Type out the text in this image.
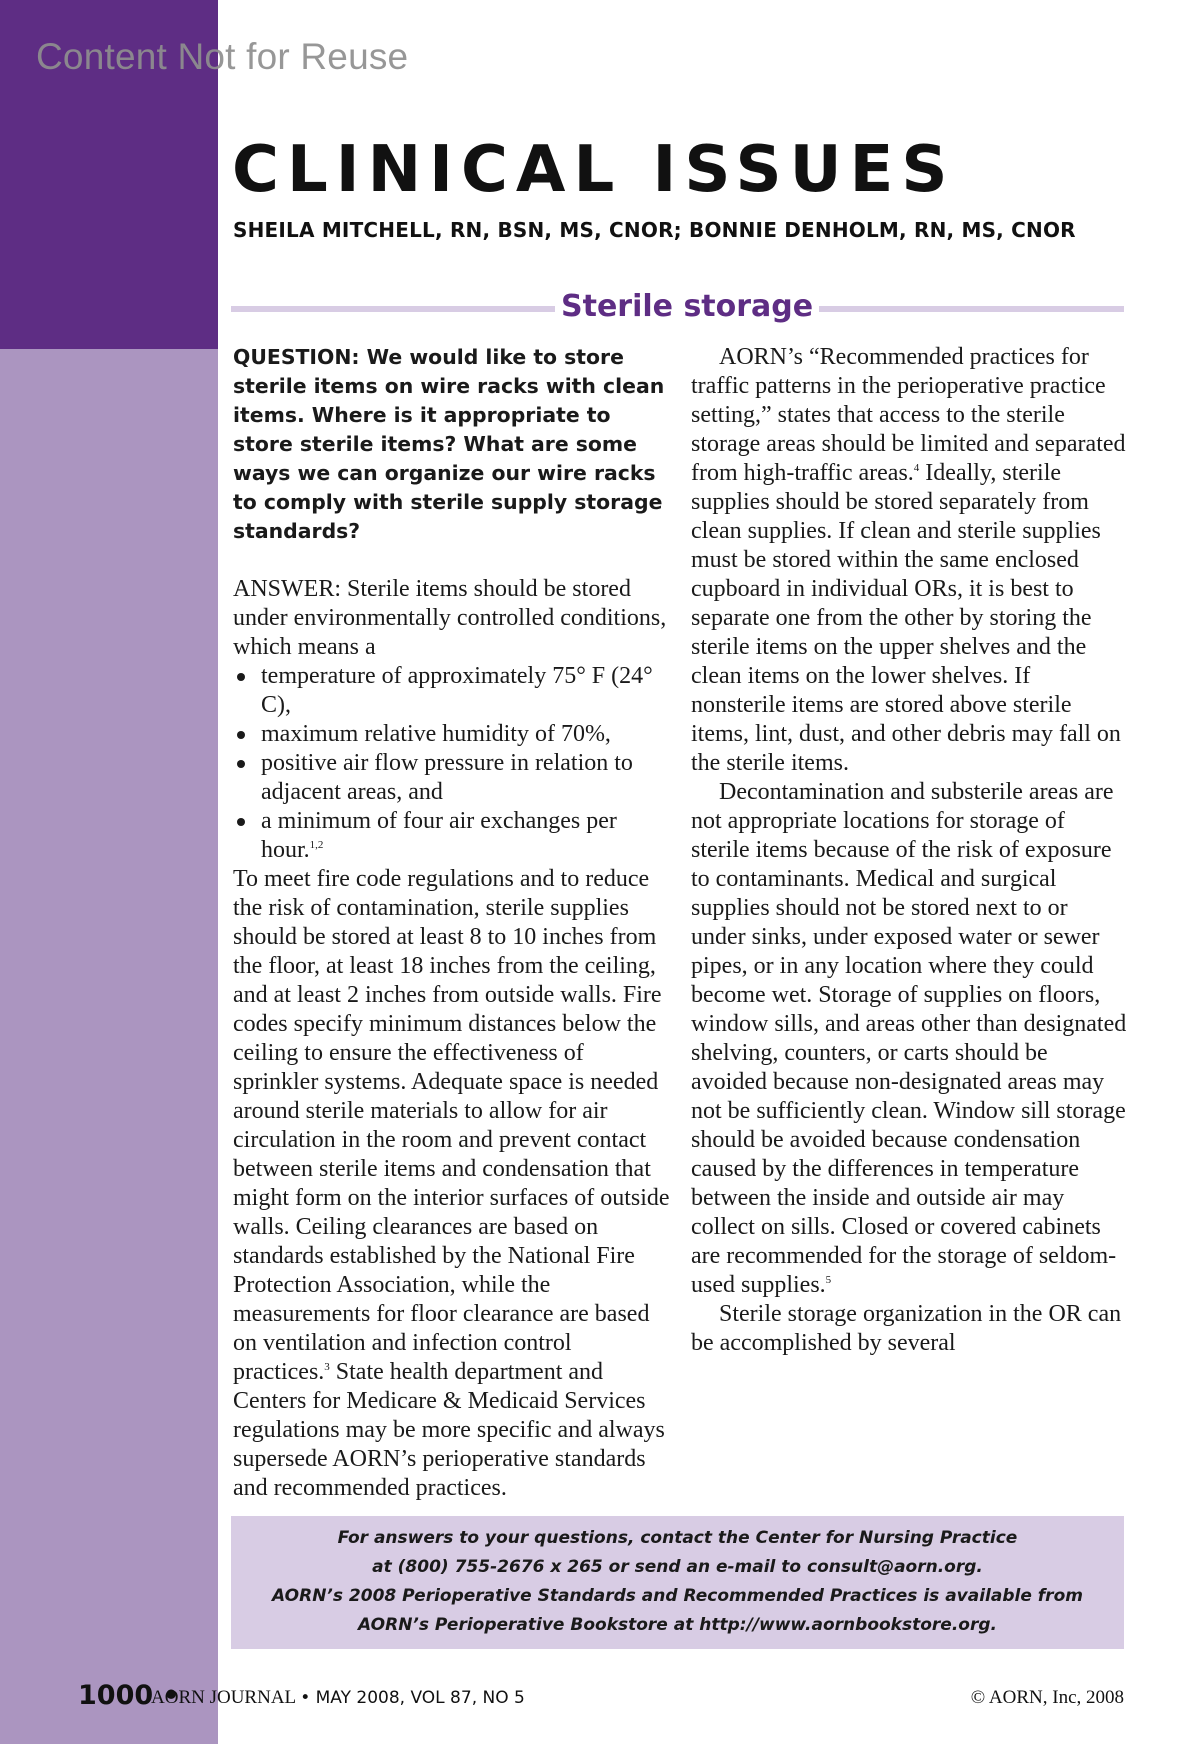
Content Not for Reuse
CLINICAL ISSUES
SHEILA MITCHELL, RN, BSN, MS, CNOR; BONNIE DENHOLM, RN, MS, CNOR
Sterile storage

QUESTION: We would like to store sterile items on wire racks with clean items. Where is it appropriate to store sterile items? What are some ways we can organize our wire racks to comply with sterile supply storage standards?

ANSWER: Sterile items should be stored under environmentally controlled conditions, which means a

temperature of approximately 75° F (24° C),
maximum relative humidity of 70%,
positive air flow pressure in relation to adjacent areas, and
a minimum of four air exchanges per hour.$^{1,2}$

To meet fire code regulations and to reduce the risk of contamination, sterile supplies should be stored at least 8 to 10 inches from the floor, at least 18 inches from the ceiling, and at least 2 inches from outside walls. Fire codes specify minimum distances below the ceiling to ensure the effectiveness of sprinkler systems. Adequate space is needed around sterile materials to allow for air circulation in the room and prevent contact between sterile items and condensation that might form on the interior surfaces of outside walls. Ceiling clearances are based on standards established by the National Fire Protection Association, while the measurements for floor clearance are based on ventilation and infection control practices.$^3$ State health department and Centers for Medicare & Medicaid Services regulations may be more specific and always supersede AORN’s perioperative standards and recommended practices.

AORN’s “Recommended practices for traffic patterns in the perioperative practice setting,” states that access to the sterile storage areas should be limited and separated from high-traffic areas.$^4$ Ideally, sterile supplies should be stored separately from clean supplies. If clean and sterile supplies must be stored within the same enclosed cupboard in individual ORs, it is best to separate one from the other by storing the sterile items on the upper shelves and the clean items on the lower shelves. If nonsterile items are stored above sterile items, lint, dust, and other debris may fall on the sterile items.

Decontamination and substerile areas are not appropriate locations for storage of sterile items because of the risk of exposure to contaminants. Medical and surgical supplies should not be stored next to or under sinks, under exposed water or sewer pipes, or in any location where they could become wet. Storage of supplies on floors, window sills, and areas other than designated shelving, counters, or carts should be avoided because non-designated areas may not be sufficiently clean. Window sill storage should be avoided because condensation caused by the differences in temperature between the inside and outside air may collect on sills. Closed or covered cabinets are recommended for the storage of seldom-used supplies.$^5$

Sterile storage organization in the OR can be accomplished by several

For answers to your questions, contact the Center for Nursing Practice
at (800) 755-2676 x 265 or send an e-mail to consult@aorn.org.
AORN’s 2008 Perioperative Standards and Recommended Practices is available from
AORN’s Perioperative Bookstore at http://www.aornbookstore.org.
1000 •
AORN JOURNAL • MAY 2008, VOL 87, NO 5	© AORN, Inc, 2008
